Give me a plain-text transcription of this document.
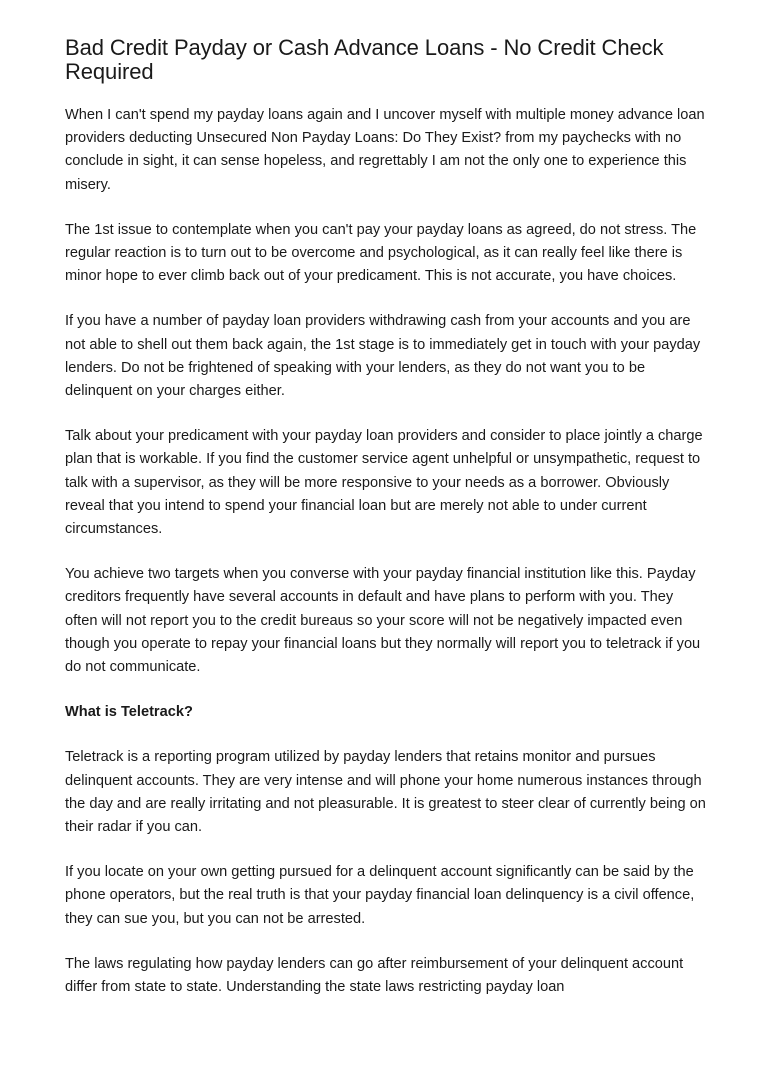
Bad Credit Payday or Cash Advance Loans - No Credit Check Required

When I can't spend my payday loans again and I uncover myself with multiple money advance loan providers deducting Unsecured Non Payday Loans: Do They Exist? from my paychecks with no conclude in sight, it can sense hopeless, and regrettably I am not the only one to experience this misery.

The 1st issue to contemplate when you can't pay your payday loans as agreed, do not stress. The regular reaction is to turn out to be overcome and psychological, as it can really feel like there is minor hope to ever climb back out of your predicament. This is not accurate, you have choices.

If you have a number of payday loan providers withdrawing cash from your accounts and you are not able to shell out them back again, the 1st stage is to immediately get in touch with your payday lenders. Do not be frightened of speaking with your lenders, as they do not want you to be delinquent on your charges either.

Talk about your predicament with your payday loan providers and consider to place jointly a charge plan that is workable. If you find the customer service agent unhelpful or unsympathetic, request to talk with a supervisor, as they will be more responsive to your needs as a borrower. Obviously reveal that you intend to spend your financial loan but are merely not able to under current circumstances.

You achieve two targets when you converse with your payday financial institution like this. Payday creditors frequently have several accounts in default and have plans to perform with you. They often will not report you to the credit bureaus so your score will not be negatively impacted even though you operate to repay your financial loans but they normally will report you to teletrack if you do not communicate.

What is Teletrack?

Teletrack is a reporting program utilized by payday lenders that retains monitor and pursues delinquent accounts. They are very intense and will phone your home numerous instances through the day and are really irritating and not pleasurable. It is greatest to steer clear of currently being on their radar if you can.

If you locate on your own getting pursued for a delinquent account significantly can be said by the phone operators, but the real truth is that your payday financial loan delinquency is a civil offence, they can sue you, but you can not be arrested.

The laws regulating how payday lenders can go after reimbursement of your delinquent account differ from state to state. Understanding the state laws restricting payday loan
